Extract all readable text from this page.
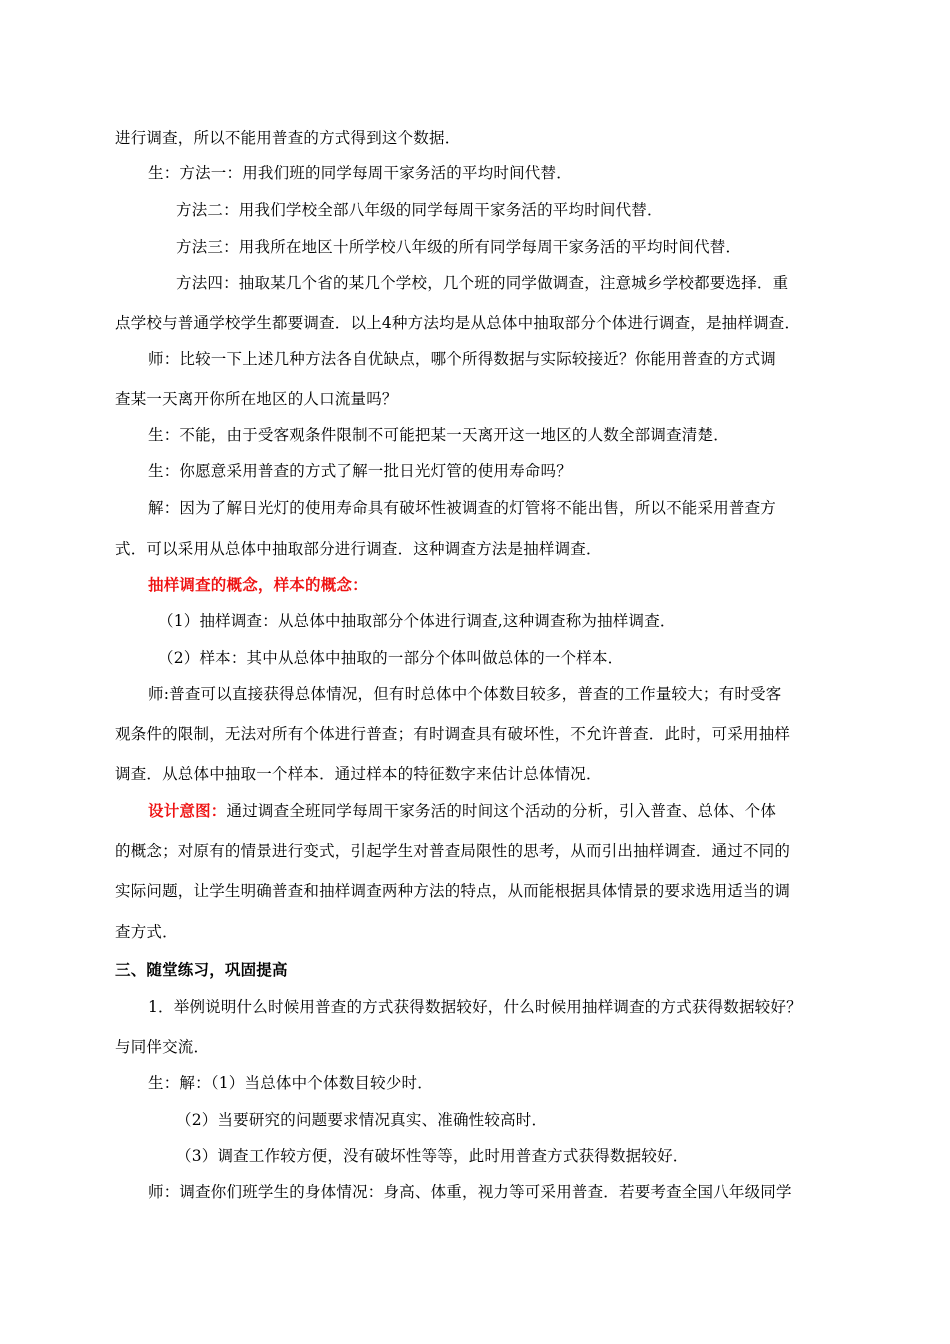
进行调查，所以不能用普查的方式得到这个数据．
生：方法一：用我们班的同学每周干家务活的平均时间代替．
方法二：用我们学校全部八年级的同学每周干家务活的平均时间代替．
方法三：用我所在地区十所学校八年级的所有同学每周干家务活的平均时间代替．
方法四：抽取某几个省的某几个学校，几个班的同学做调查，注意城乡学校都要选择．重
点学校与普通学校学生都要调查．以上4种方法均是从总体中抽取部分个体进行调查，是抽样调查．
师：比较一下上述几种方法各自优缺点，哪个所得数据与实际较接近？你能用普查的方式调
查某一天离开你所在地区的人口流量吗？
生：不能，由于受客观条件限制不可能把某一天离开这一地区的人数全部调查清楚．
生：你愿意采用普查的方式了解一批日光灯管的使用寿命吗？
解：因为了解日光灯的使用寿命具有破坏性被调查的灯管将不能出售，所以不能采用普查方
式．可以采用从总体中抽取部分进行调查．这种调查方法是抽样调查．
抽样调查的概念，样本的概念：
（1）抽样调查：从总体中抽取部分个体进行调查,这种调查称为抽样调查．
（2）样本：其中从总体中抽取的一部分个体叫做总体的一个样本．
师:普查可以直接获得总体情况，但有时总体中个体数目较多，普查的工作量较大；有时受客
观条件的限制，无法对所有个体进行普查；有时调查具有破坏性，不允许普查．此时，可采用抽样
调查．从总体中抽取一个样本．通过样本的特征数字来估计总体情况．
设计意图：通过调查全班同学每周干家务活的时间这个活动的分析，引入普查、总体、个体
的概念；对原有的情景进行变式，引起学生对普查局限性的思考，从而引出抽样调查．通过不同的
实际问题，让学生明确普查和抽样调查两种方法的特点，从而能根据具体情景的要求选用适当的调
查方式．
三、随堂练习，巩固提高
1．举例说明什么时候用普查的方式获得数据较好，什么时候用抽样调查的方式获得数据较好？
与同伴交流．
生：解：（1）当总体中个体数目较少时．
（2）当要研究的问题要求情况真实、准确性较高时．
（3）调查工作较方便，没有破坏性等等，此时用普查方式获得数据较好．
师：调查你们班学生的身体情况：身高、体重，视力等可采用普查．若要考查全国八年级同学
